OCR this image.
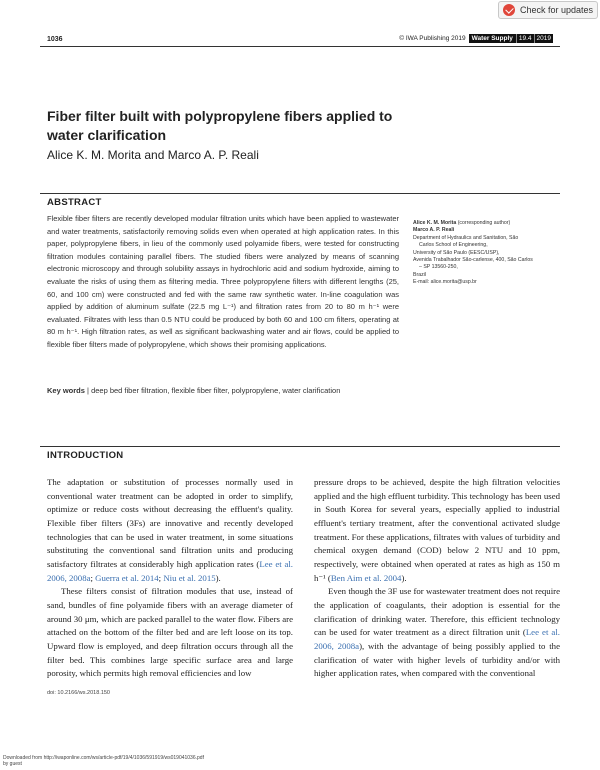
Check for updates
1036	© IWA Publishing 2019 Water Supply 19.4 2019
Fiber filter built with polypropylene fibers applied to water clarification
Alice K. M. Morita and Marco A. P. Reali
ABSTRACT
Flexible fiber filters are recently developed modular filtration units which have been applied to wastewater and water treatments, satisfactorily removing solids even when operated at high application rates. In this paper, polypropylene fibers, in lieu of the commonly used polyamide fibers, were tested for constructing filtration modules containing parallel fibers. The studied fibers were analyzed by means of scanning electronic microscopy and through solubility assays in hydrochloric acid and sodium hydroxide, aiming to evaluate the risks of using them as filtering media. Three polypropylene filters with different lengths (25, 60, and 100 cm) were constructed and fed with the same raw synthetic water. In-line coagulation was applied by addition of aluminum sulfate (22.5 mg L⁻¹) and filtration rates from 20 to 80 m h⁻¹ were evaluated. Filtrates with less than 0.5 NTU could be produced by both 60 and 100 cm filters, operating at 80 m h⁻¹. High filtration rates, as well as significant backwashing water and air flows, could be applied to flexible fiber filters made of polypropylene, which shows their promising applications.
Key words | deep bed fiber filtration, flexible fiber filter, polypropylene, water clarification
Alice K. M. Morita (corresponding author)
Marco A. P. Reali
Department of Hydraulics and Sanitation, São
Carlos School of Engineering,
University of São Paulo (EESC/USP),
Avenida Trabalhador São-carlense, 400, São Carlos
– SP 13560-250,
Brazil
E-mail: alice.morita@usp.br
INTRODUCTION

The adaptation or substitution of processes normally used in conventional water treatment can be adopted in order to simplify, optimize or reduce costs without decreasing the effluent's quality. Flexible fiber filters (3Fs) are innovative and recently developed technologies that can be used in water treatment, in some situations substituting the conventional sand filtration units and producing satisfactory filtrates at considerably high application rates (Lee et al. 2006, 2008a; Guerra et al. 2014; Niu et al. 2015).

These filters consist of filtration modules that use, instead of sand, bundles of fine polyamide fibers with an average diameter of around 30 μm, which are packed parallel to the water flow. Fibers are attached on the bottom of the filter bed and are left loose on its top. Upward flow is employed, and deep filtration occurs through all the filter bed. This combines large specific surface area and large porosity, which permits high removal efficiencies and low

pressure drops to be achieved, despite the high filtration velocities applied and the high effluent turbidity. This technology has been used in South Korea for several years, especially applied to industrial effluent's tertiary treatment, after the conventional activated sludge treatment. For these applications, filtrates with values of turbidity and chemical oxygen demand (COD) below 2 NTU and 10 ppm, respectively, were obtained when operated at rates as high as 150 m h⁻¹ (Ben Aim et al. 2004).

Even though the 3F use for wastewater treatment does not require the application of coagulants, their adoption is essential for the clarification of drinking water. Therefore, this efficient technology can be used for water treatment as a direct filtration unit (Lee et al. 2006, 2008a), with the advantage of being possibly applied to the clarification of water with higher levels of turbidity and/or with higher application rates, when compared with the conventional

doi: 10.2166/ws.2018.150
Downloaded from http://iwaponline.com/ws/article-pdf/19/4/1036/591919/ws019041036.pdf
by guest
